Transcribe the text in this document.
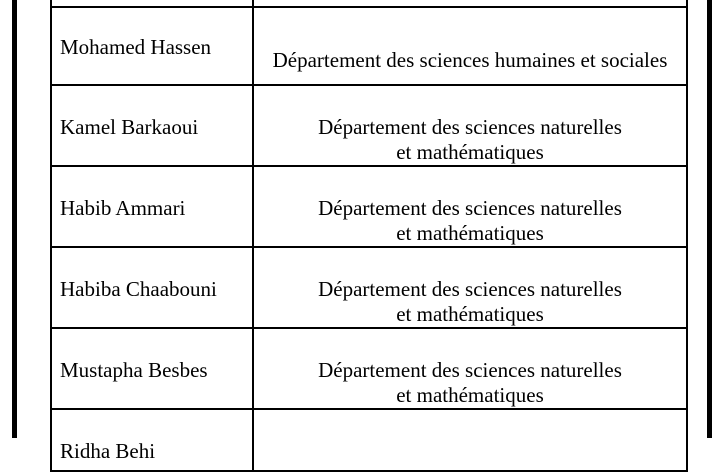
Mohamed Hassen	Département des sciences humaines et sociales

Kamel Barkaoui	Département des sciences naturelles
et mathématiques

Habib Ammari	Département des sciences naturelles
et mathématiques

Habiba Chaabouni	Département des sciences naturelles
et mathématiques

Mustapha Besbes	Département des sciences naturelles
et mathématiques

Ridha Behi	
